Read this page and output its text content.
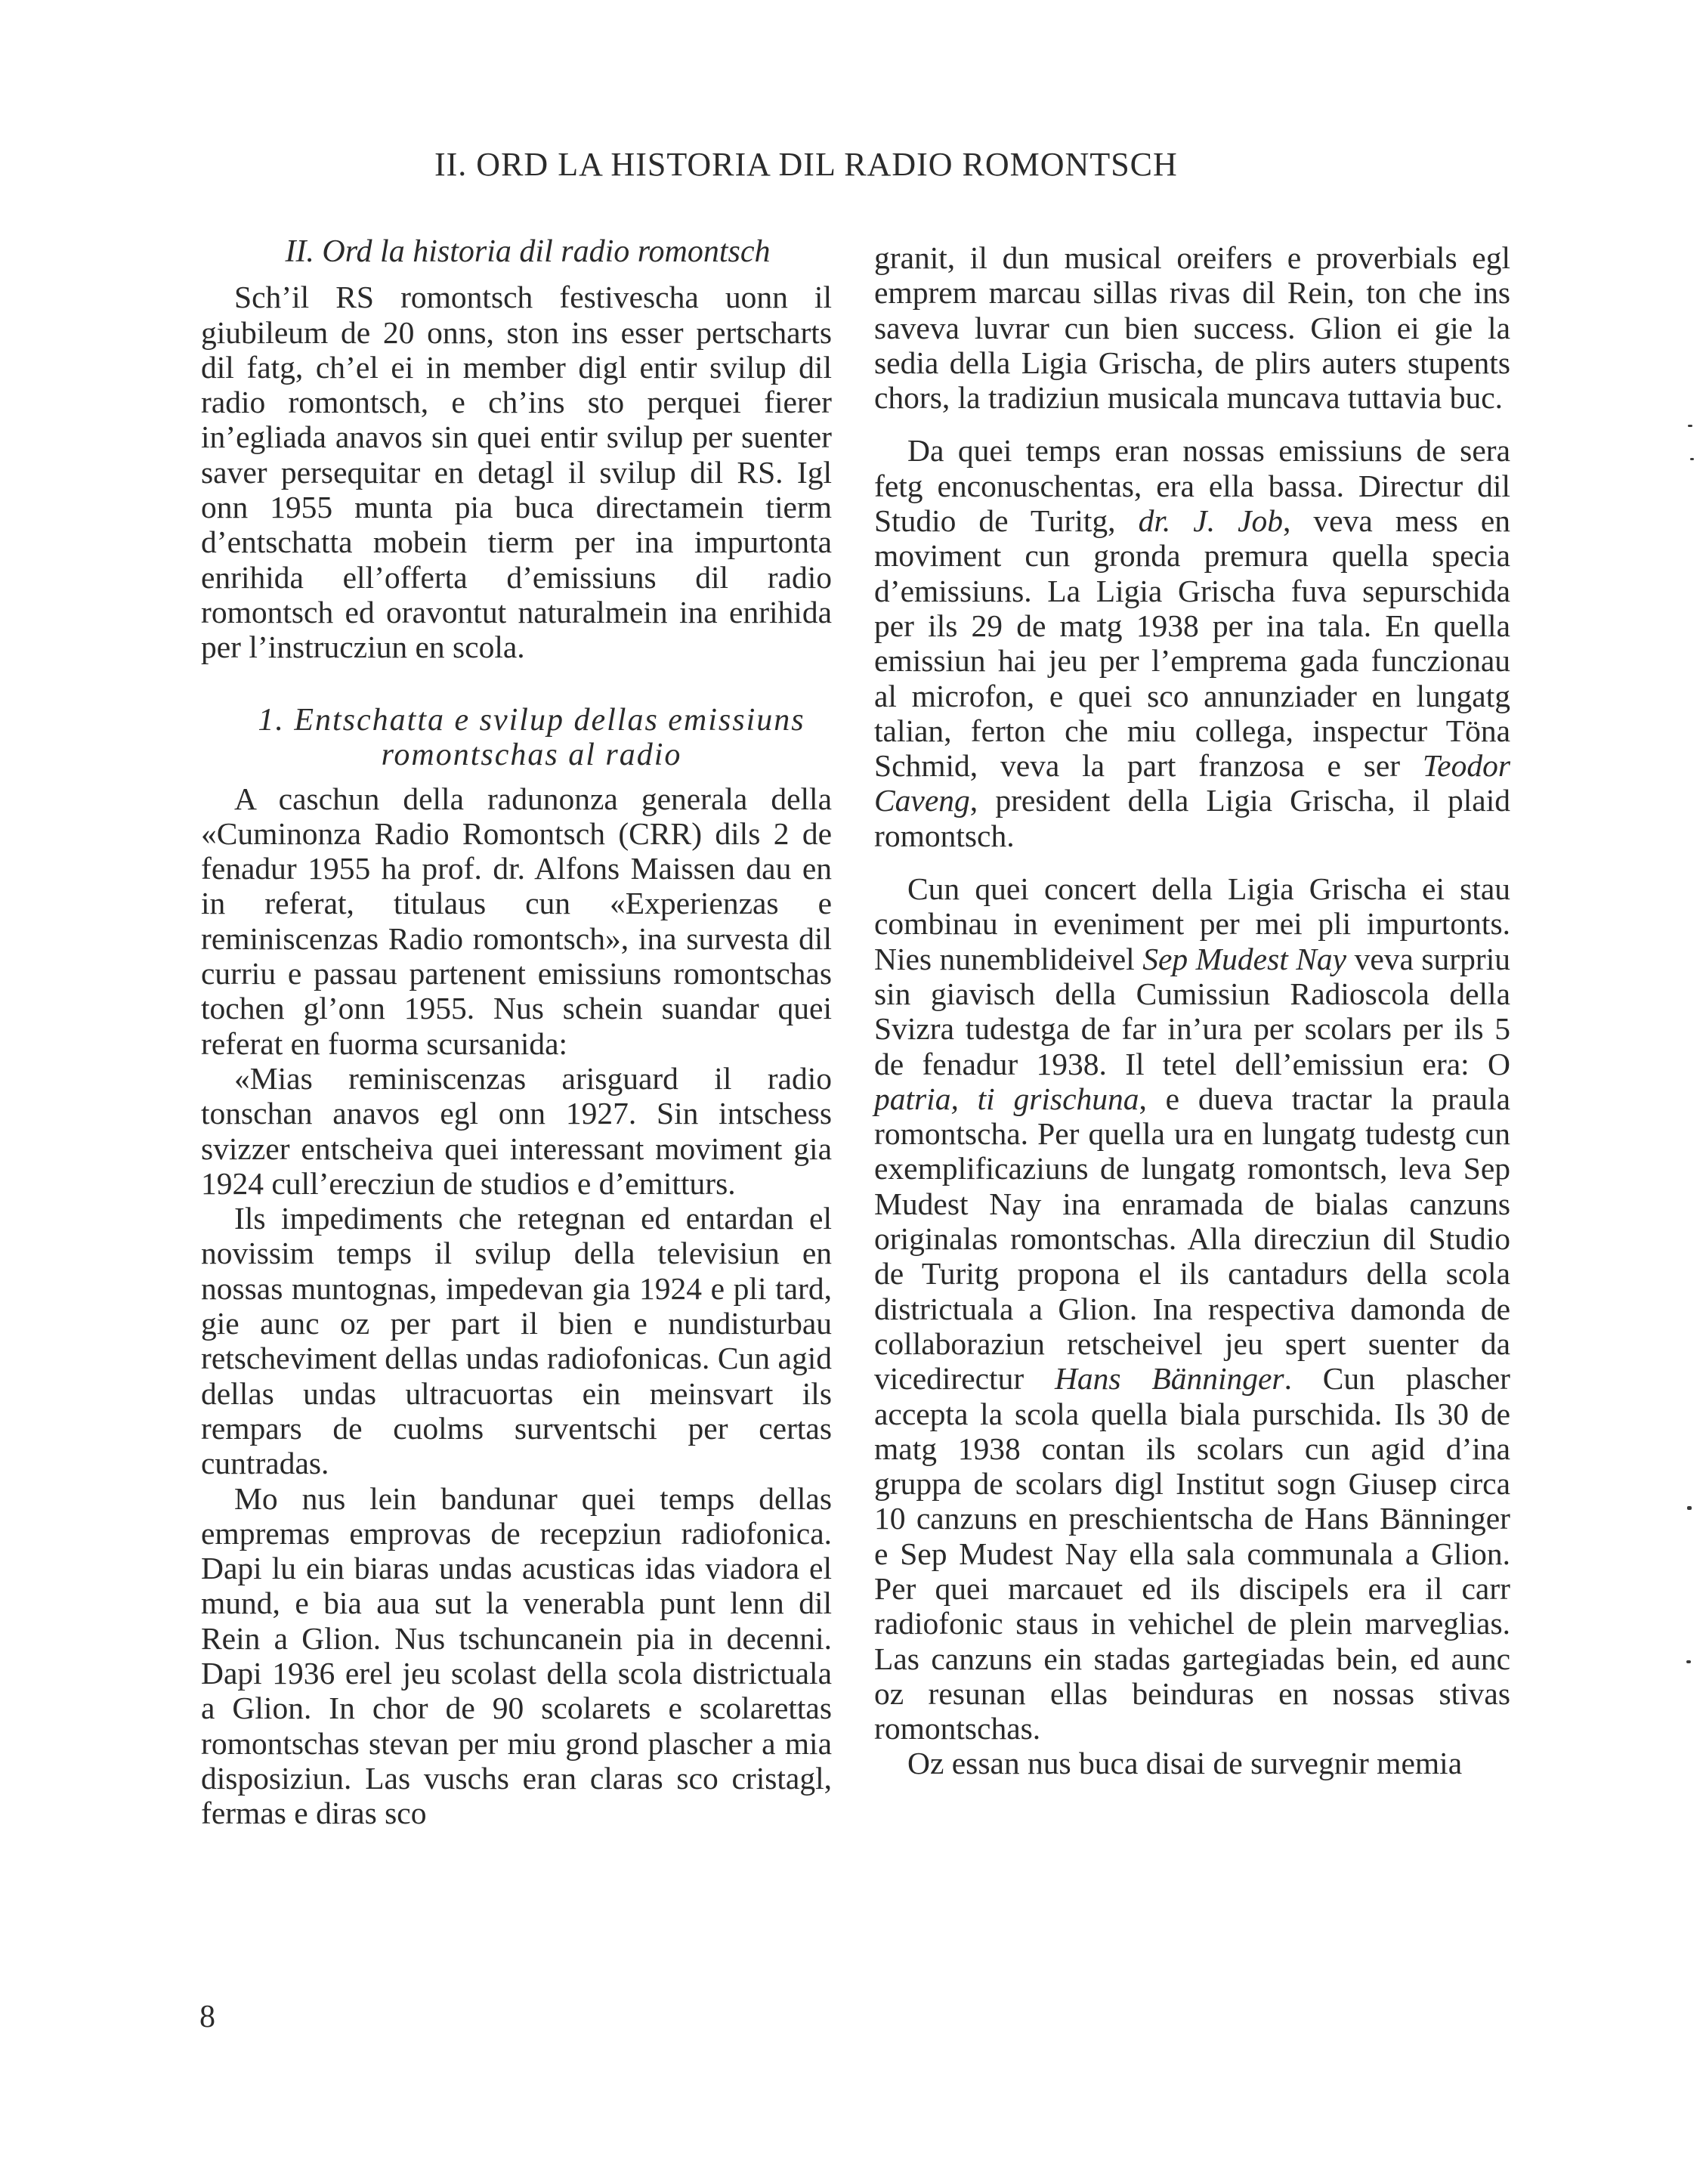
II. ORD LA HISTORIA DIL RADIO ROMONTSCH
II. Ord la historia dil radio romontsch

Sch’il RS romontsch festivescha uonn il giubileum de 20 onns, ston ins esser pertscharts dil fatg, ch’el ei in member digl entir svilup dil radio romontsch, e ch’ins sto perquei fierer in’egliada anavos sin quei entir svilup per suenter saver persequitar en detagl il svilup dil RS. Igl onn 1955 munta pia buca directamein tierm d’entschatta mobein tierm per ina impurtonta enrihida ell’offerta d’emissiuns dil radio romontsch ed oravontut naturalmein ina enrihida per l’instrucziun en scola.

1. Entschatta e svilup dellas emissiuns romontschas al radio

A caschun della radunonza generala della «Cuminonza Radio Romontsch (CRR) dils 2 de fenadur 1955 ha prof. dr. Alfons Maissen dau en in referat, titulaus cun «Experienzas e reminiscenzas Radio romontsch», ina survesta dil curriu e passau partenent emissiuns romontschas tochen gl’onn 1955. Nus schein suandar quei referat en fuorma scursanida:

«Mias reminiscenzas arisguard il radio tonschan anavos egl onn 1927. Sin intschess svizzer entscheiva quei interessant moviment gia 1924 cull’erecziun de studios e d’emitturs.

Ils impediments che retegnan ed entardan el novissim temps il svilup della televisiun en nossas muntognas, impedevan gia 1924 e pli tard, gie aunc oz per part il bien e nundisturbau retscheviment dellas undas radiofonicas. Cun agid dellas undas ultracuortas ein meinsvart ils rempars de cuolms surventschi per certas cuntradas.

Mo nus lein bandunar quei temps dellas empremas emprovas de recepziun radiofonica. Dapi lu ein biaras undas acusticas idas viadora el mund, e bia aua sut la venerabla punt lenn dil Rein a Glion. Nus tschuncanein pia in decenni. Dapi 1936 erel jeu scolast della scola districtuala a Glion. In chor de 90 scolarets e scolarettas romontschas stevan per miu grond plascher a mia disposiziun. Las vuschs eran claras sco cristagl, fermas e diras sco

granit, il dun musical oreifers e proverbials egl emprem marcau sillas rivas dil Rein, ton che ins saveva luvrar cun bien success. Glion ei gie la sedia della Ligia Grischa, de plirs auters stupents chors, la tradiziun musicala muncava tuttavia buc.

Da quei temps eran nossas emissiuns de sera fetg enconuschentas, era ella bassa. Directur dil Studio de Turitg, dr. J. Job, veva mess en moviment cun gronda premura quella specia d’emissiuns. La Ligia Grischa fuva sepurschida per ils 29 de matg 1938 per ina tala. En quella emissiun hai jeu per l’emprema gada funczionau al microfon, e quei sco annunziader en lungatg talian, ferton che miu collega, inspectur Töna Schmid, veva la part franzosa e ser Teodor Caveng, president della Ligia Grischa, il plaid romontsch.

Cun quei concert della Ligia Grischa ei stau combinau in eveniment per mei pli impurtonts. Nies nunemblideivel Sep Mudest Nay veva surpriu sin giavisch della Cumissiun Radioscola della Svizra tudestga de far in’ura per scolars per ils 5 de fenadur 1938. Il tetel dell’emissiun era: O patria, ti grischuna, e dueva tractar la praula romontscha. Per quella ura en lungatg tudestg cun exemplificaziuns de lungatg romontsch, leva Sep Mudest Nay ina enramada de bialas canzuns originalas romontschas. Alla direcziun dil Studio de Turitg propona el ils cantadurs della scola districtuala a Glion. Ina respectiva damonda de collaboraziun retscheivel jeu spert suenter da vicedirectur Hans Bänninger. Cun plascher accepta la scola quella biala purschida. Ils 30 de matg 1938 contan ils scolars cun agid d’ina gruppa de scolars digl Institut sogn Giusep circa 10 canzuns en preschientscha de Hans Bänninger e Sep Mudest Nay ella sala communala a Glion. Per quei marcauet ed ils discipels era il carr radiofonic staus in vehichel de plein marveglias. Las canzuns ein stadas gartegiadas bein, ed aunc oz resunan ellas beinduras en nossas stivas romontschas.

Oz essan nus buca disai de survegnir memia

8
